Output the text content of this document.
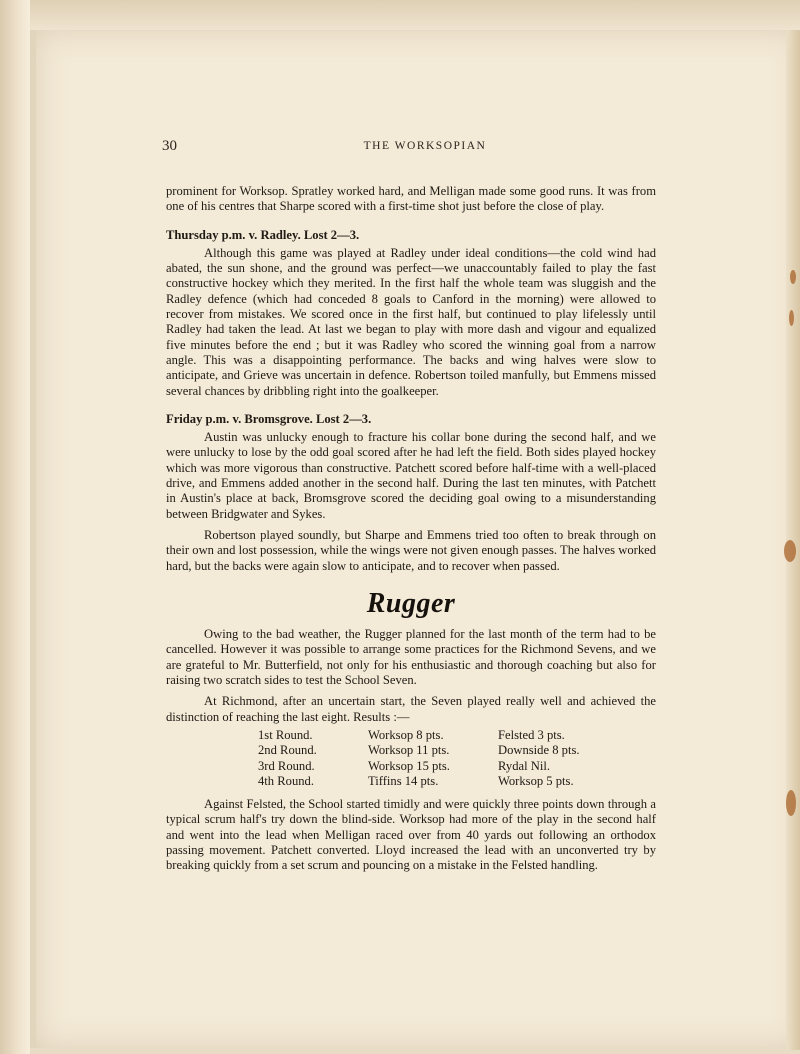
30	THE WORKSOPIAN

prominent for Worksop. Spratley worked hard, and Melligan made some good runs. It was from one of his centres that Sharpe scored with a first-time shot just before the close of play.

Thursday p.m. v. Radley. Lost 2—3.

Although this game was played at Radley under ideal conditions—the cold wind had abated, the sun shone, and the ground was perfect—we unaccountably failed to play the fast constructive hockey which they merited. In the first half the whole team was sluggish and the Radley defence (which had conceded 8 goals to Canford in the morning) were allowed to recover from mistakes. We scored once in the first half, but continued to play lifelessly until Radley had taken the lead. At last we began to play with more dash and vigour and equalized five minutes before the end ; but it was Radley who scored the winning goal from a narrow angle. This was a disappointing performance. The backs and wing halves were slow to anticipate, and Grieve was uncertain in defence. Robertson toiled manfully, but Emmens missed several chances by dribbling right into the goalkeeper.

Friday p.m. v. Bromsgrove. Lost 2—3.

Austin was unlucky enough to fracture his collar bone during the second half, and we were unlucky to lose by the odd goal scored after he had left the field. Both sides played hockey which was more vigorous than constructive. Patchett scored before half-time with a well-placed drive, and Emmens added another in the second half. During the last ten minutes, with Patchett in Austin's place at back, Bromsgrove scored the deciding goal owing to a misunderstanding between Bridgwater and Sykes.

Robertson played soundly, but Sharpe and Emmens tried too often to break through on their own and lost possession, while the wings were not given enough passes. The halves worked hard, but the backs were again slow to anticipate, and to recover when passed.

Rugger

Owing to the bad weather, the Rugger planned for the last month of the term had to be cancelled. However it was possible to arrange some practices for the Richmond Sevens, and we are grateful to Mr. Butterfield, not only for his enthusiastic and thorough coaching but also for raising two scratch sides to test the School Seven.

At Richmond, after an uncertain start, the Seven played really well and achieved the distinction of reaching the last eight. Results :—

1st Round.	Worksop 8 pts.	Felsted 3 pts.
2nd Round.	Worksop 11 pts.	Downside 8 pts.
3rd Round.	Worksop 15 pts.	Rydal Nil.
4th Round.	Tiffins 14 pts.	Worksop 5 pts.

Against Felsted, the School started timidly and were quickly three points down through a typical scrum half's try down the blind-side. Worksop had more of the play in the second half and went into the lead when Melligan raced over from 40 yards out following an orthodox passing movement. Patchett converted. Lloyd increased the lead with an unconverted try by breaking quickly from a set scrum and pouncing on a mistake in the Felsted handling.
